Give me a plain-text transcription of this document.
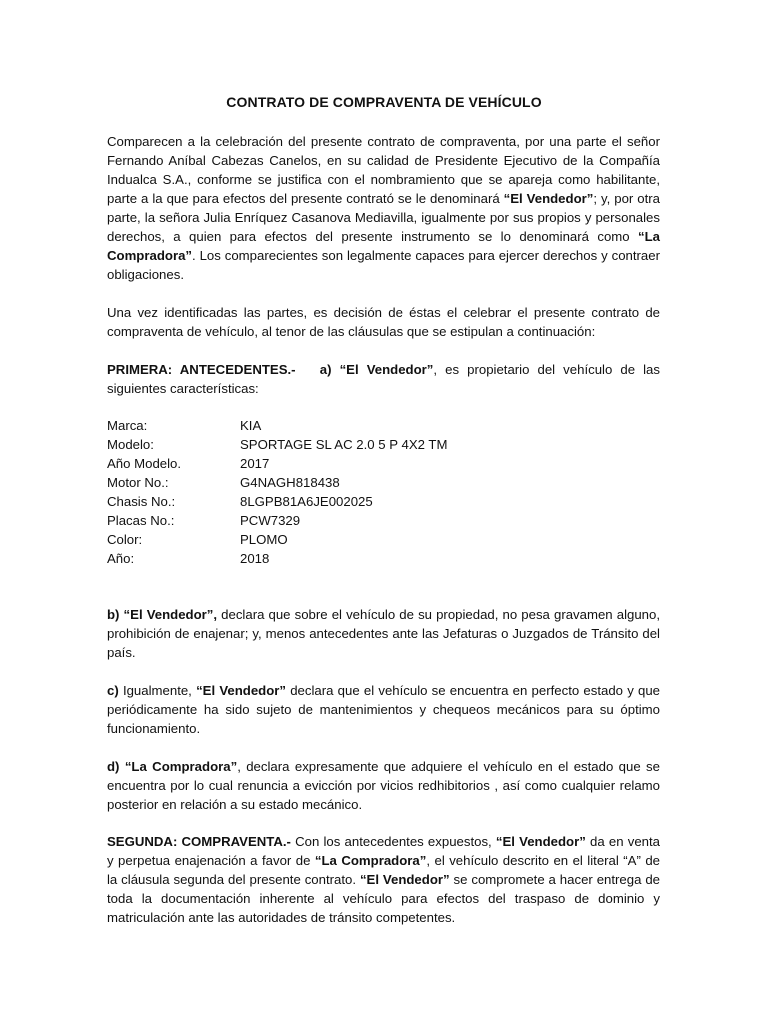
CONTRATO DE COMPRAVENTA DE VEHÍCULO
Comparecen a la celebración del presente contrato de compraventa, por una parte el señor Fernando Aníbal Cabezas Canelos, en su calidad de Presidente Ejecutivo de la Compañía Indualca S.A., conforme se justifica con el nombramiento que se apareja como habilitante, parte a la que para efectos del presente contrató se le denominará “El Vendedor”; y, por otra parte, la señora Julia Enríquez Casanova Mediavilla, igualmente por sus propios y personales derechos, a quien para efectos del presente instrumento se lo denominará como “La Compradora”. Los comparecientes son legalmente capaces para ejercer derechos y contraer obligaciones.
Una vez identificadas las partes, es decisión de éstas el celebrar el presente contrato de compraventa de vehículo, al tenor de las cláusulas que se estipulan a continuación:
PRIMERA: ANTECEDENTES.- a) “El Vendedor”, es propietario del vehículo de las siguientes características:
Marca:	KIA
Modelo:	SPORTAGE SL AC 2.0 5 P 4X2 TM
Año Modelo.	2017
Motor No.:	G4NAGH818438
Chasis No.:	8LGPB81A6JE002025
Placas No.:	PCW7329
Color:	PLOMO
Año:	2018
b) “El Vendedor”, declara que sobre el vehículo de su propiedad, no pesa gravamen alguno, prohibición de enajenar; y, menos antecedentes ante las Jefaturas o Juzgados de Tránsito del país.
c) Igualmente, “El Vendedor” declara que el vehículo se encuentra en perfecto estado y que periódicamente ha sido sujeto de mantenimientos y chequeos mecánicos para su óptimo funcionamiento.
d) “La Compradora”, declara expresamente que adquiere el vehículo en el estado que se encuentra por lo cual renuncia a evicción por vicios redhibitorios , así como cualquier relamo posterior en relación a su estado mecánico.
SEGUNDA: COMPRAVENTA.- Con los antecedentes expuestos, “El Vendedor” da en venta y perpetua enajenación a favor de “La Compradora”, el vehículo descrito en el literal “A” de la cláusula segunda del presente contrato. “El Vendedor” se compromete a hacer entrega de toda la documentación inherente al vehículo para efectos del traspaso de dominio y matriculación ante las autoridades de tránsito competentes.
